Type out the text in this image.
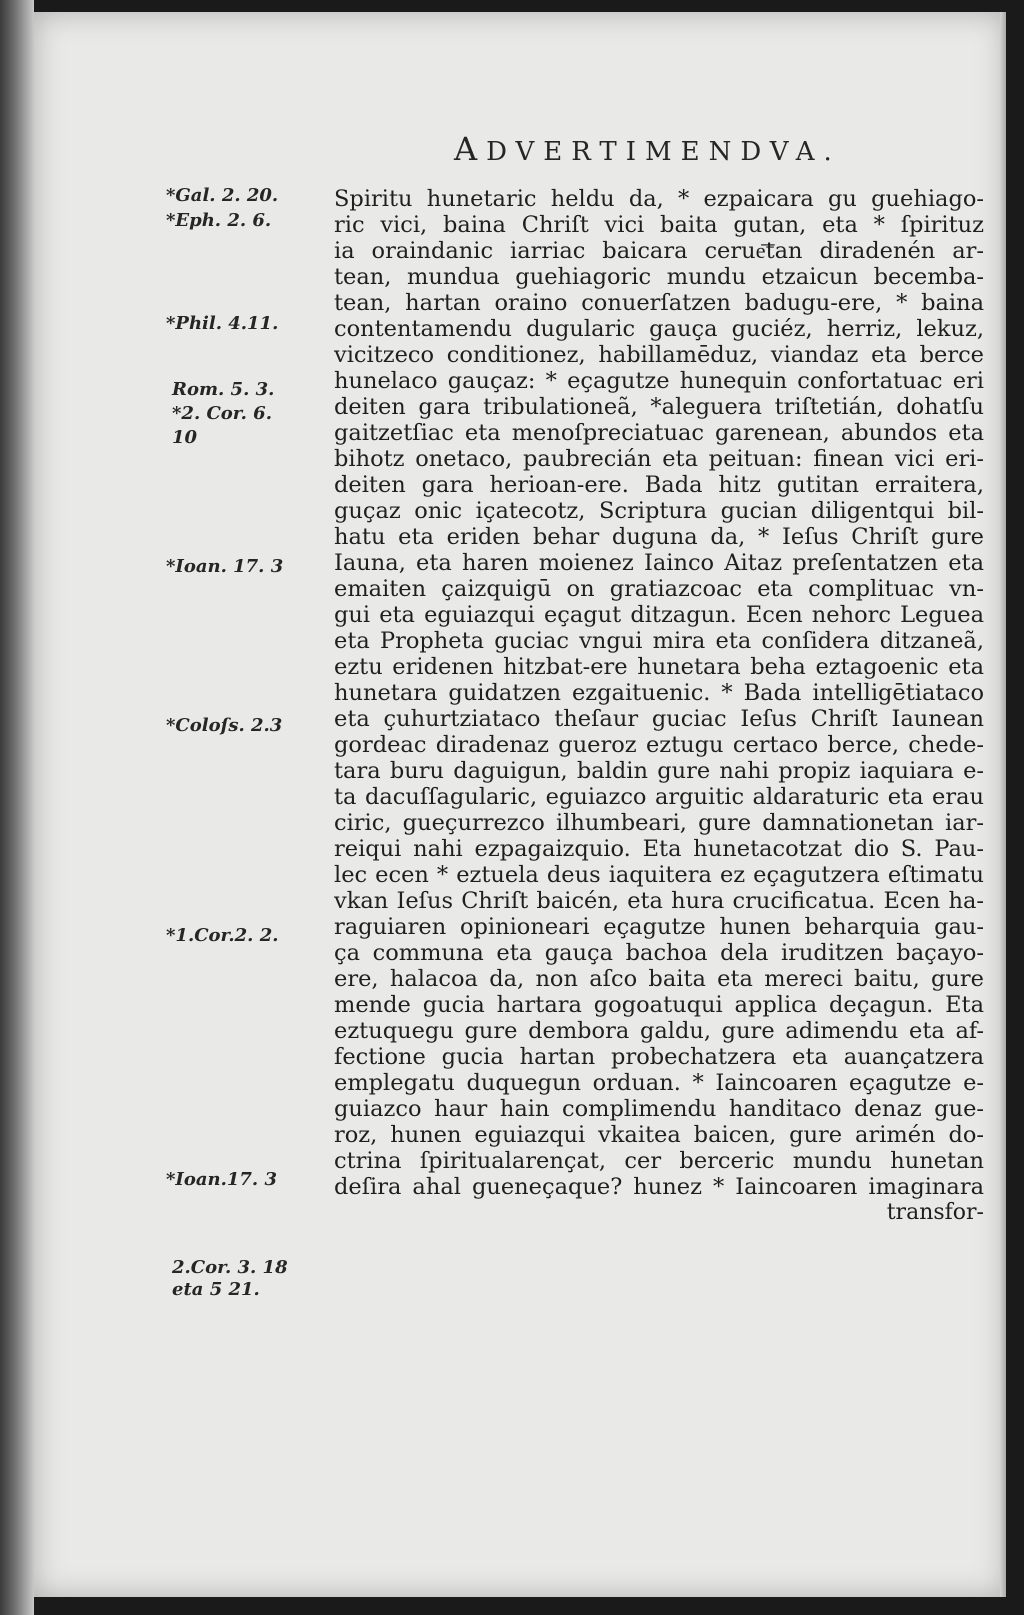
ADVERTIMENDVA.
*Gal. 2. 20.
*Eph. 2. 6.
*Phil. 4.11.
Rom. 5. 3.
*2. Cor. 6.
10
*Ioan. 17. 3
*Coloſs. 2.3
*1.Cor.2. 2.
*Ioan.17. 3
2.Cor. 3. 18
eta 5 21.
Spiritu hunetaric heldu da, * ezpaicara gu guehiago-
ric vici, baina Chriſt vici baita gutan, eta * ſpirituz
ia oraindanic iarriac baicara cerue͞tan diradenén ar-
tean, mundua guehiagoric mundu etzaicun becemba-
tean, hartan oraino conuerſatzen badugu-ere, * baina
contentamendu dugularic gauça guciéz, herriz, lekuz,
vicitzeco conditionez, habillamēduz, viandaz eta berce
hunelaco gauçaz: * eçagutze hunequin confortatuac eri
deiten gara tribulationeã, *aleguera triſtetián, dohatſu
gaitzetſiac eta menoſpreciatuac garenean, abundos eta
bihotz onetaco, paubrecián eta peituan: finean vici eri-
deiten gara herioan-ere. Bada hitz gutitan erraitera,
guçaz onic içatecotz, Scriptura gucian diligentqui bil-
hatu eta eriden behar duguna da, * Ieſus Chriſt gure
Iauna, eta haren moienez Iainco Aitaz preſentatzen eta
emaiten çaizquigū on gratiazcoac eta complituac vn-
gui eta eguiazqui eçagut ditzagun. Ecen nehorc Leguea
eta Propheta guciac vngui mira eta conſidera ditzaneã,
eztu eridenen hitzbat-ere hunetara beha eztagoenic eta
hunetara guidatzen ezgaituenic. * Bada intelligētiataco
eta çuhurtziataco theſaur guciac Ieſus Chriſt Iaunean
gordeac diradenaz gueroz eztugu certaco berce, chede-
tara buru daguigun, baldin gure nahi propiz iaquiara e-
ta dacuſſagularic, eguiazco arguitic aldaraturic eta erau
ciric, gueçurrezco ilhumbeari, gure damnationetan iar-
reiqui nahi ezpagaizquio. Eta hunetacotzat dio S. Pau-
lec ecen * eztuela deus iaquitera ez eçagutzera eſtimatu
vkan Ieſus Chriſt baicén, eta hura crucificatua. Ecen ha-
raguiaren opinioneari eçagutze hunen beharquia gau-
ça communa eta gauça bachoa dela iruditzen baçayo-
ere, halacoa da, non aſco baita eta mereci baitu, gure
mende gucia hartara gogoatuqui applica deçagun. Eta
eztuquegu gure dembora galdu, gure adimendu eta af-
fectione gucia hartan probechatzera eta auançatzera
emplegatu duquegun orduan. * Iaincoaren eçagutze e-
guiazco haur hain complimendu handitaco denaz gue-
roz, hunen eguiazqui vkaitea baicen, gure arimén do-
ctrina ſpiritualarençat, cer berceric mundu hunetan
deſira ahal guenеçaque? hunez * Iaincoaren imaginara
transfor-
